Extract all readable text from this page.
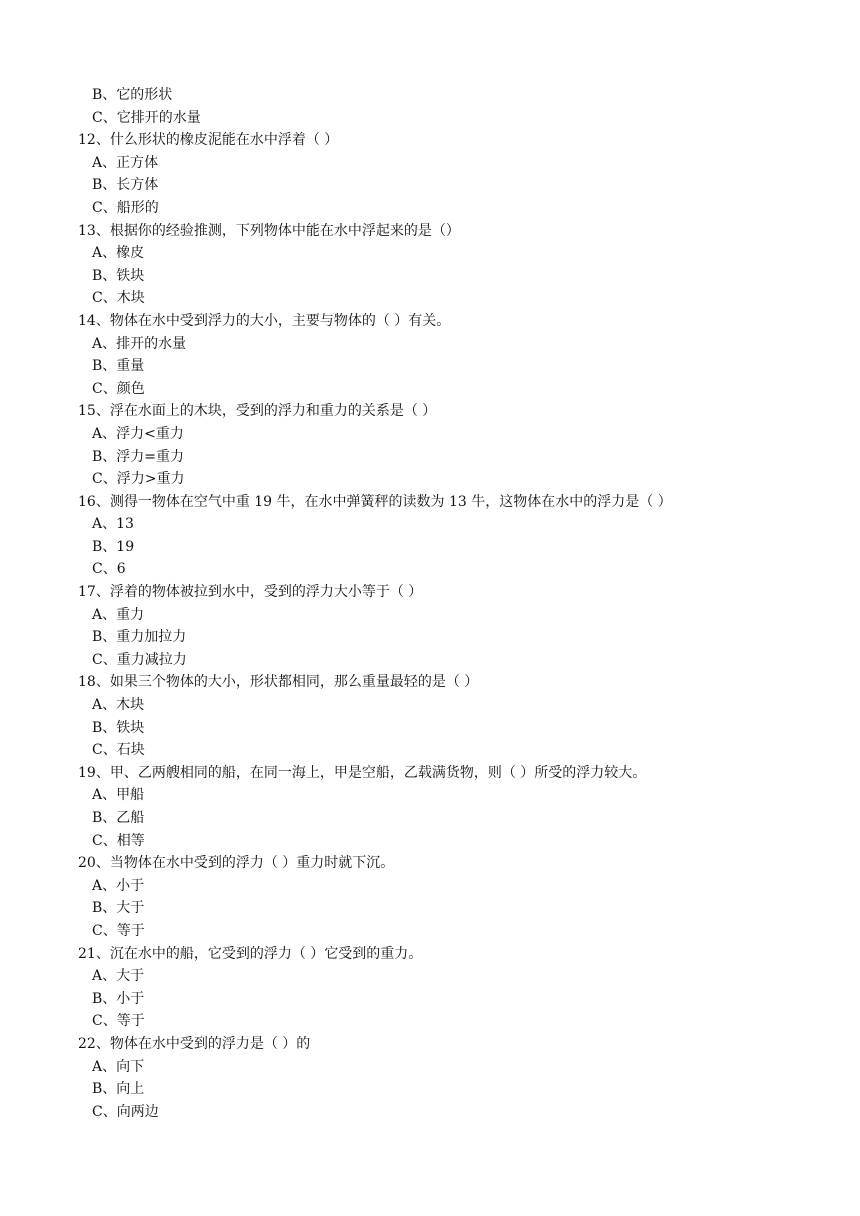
B、它的形状
C、它排开的水量
12、什么形状的橡皮泥能在水中浮着（ ）
A、正方体
B、长方体
C、船形的
13、根据你的经验推测，下列物体中能在水中浮起来的是（）
A、橡皮
B、铁块
C、木块
14、物体在水中受到浮力的大小，主要与物体的（ ）有关。
A、排开的水量
B、重量
C、颜色
15、浮在水面上的木块，受到的浮力和重力的关系是（ ）
A、浮力<重力
B、浮力=重力
C、浮力>重力
16、测得一物体在空气中重 19 牛，在水中弹簧秤的读数为 13 牛，这物体在水中的浮力是（ ）
A、13
B、19
C、6
17、浮着的物体被拉到水中，受到的浮力大小等于（ ）
A、重力
B、重力加拉力
C、重力减拉力
18、如果三个物体的大小，形状都相同，那么重量最轻的是（ ）
A、木块
B、铁块
C、石块
19、甲、乙两艘相同的船，在同一海上，甲是空船，乙载满货物，则（ ）所受的浮力较大。
A、甲船
B、乙船
C、相等
20、当物体在水中受到的浮力（ ）重力时就下沉。
A、小于
B、大于
C、等于
21、沉在水中的船，它受到的浮力（ ）它受到的重力。
A、大于
B、小于
C、等于
22、物体在水中受到的浮力是（ ）的
A、向下
B、向上
C、向两边
